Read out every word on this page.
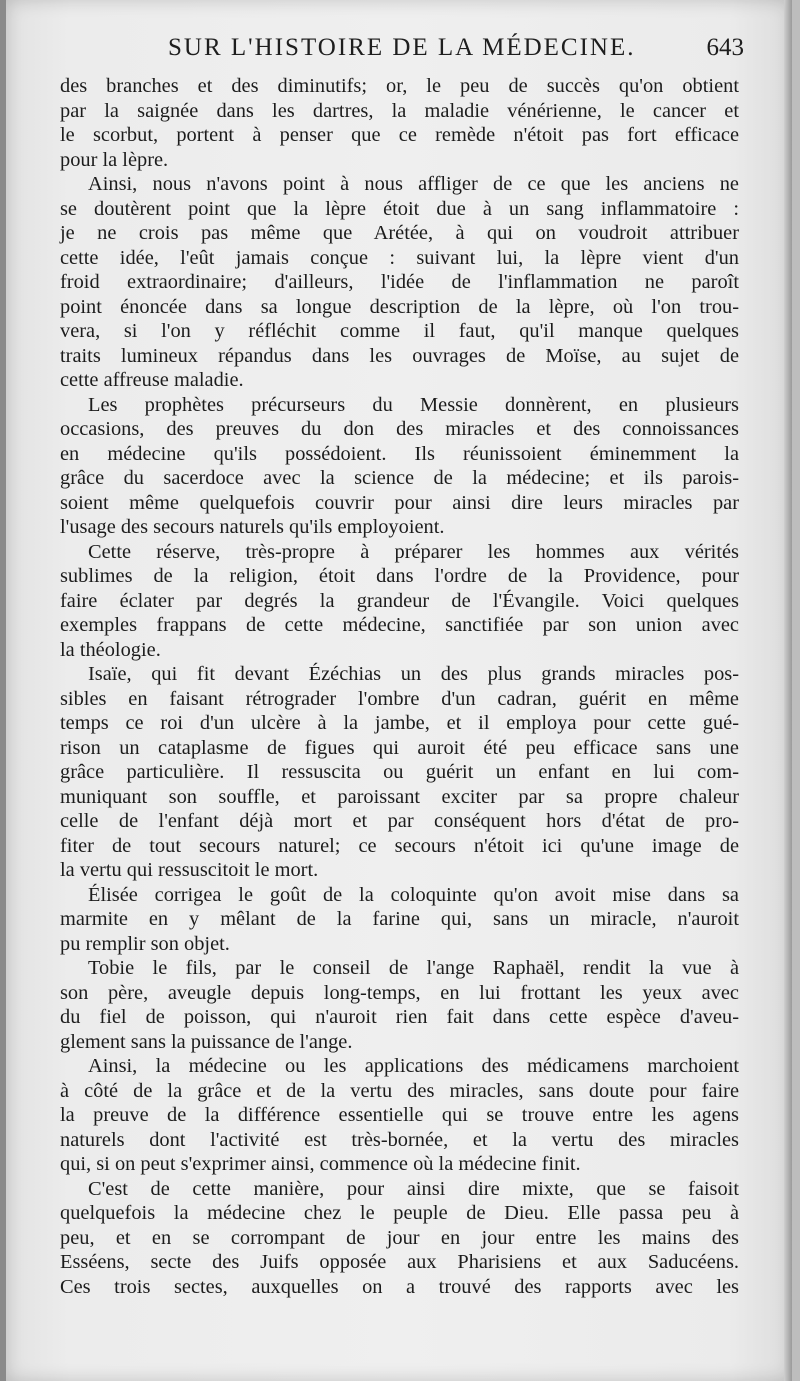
SUR L'HISTOIRE DE LA MÉDECINE.	643

des branches et des diminutifs; or, le peu de succès qu'on obtient

par la saignée dans les dartres, la maladie vénérienne, le cancer et

le scorbut, portent à penser que ce remède n'étoit pas fort efficace

pour la lèpre.

Ainsi, nous n'avons point à nous affliger de ce que les anciens ne

se doutèrent point que la lèpre étoit due à un sang inflammatoire :

je ne crois pas même que Arétée, à qui on voudroit attribuer

cette idée, l'eût jamais conçue : suivant lui, la lèpre vient d'un

froid extraordinaire; d'ailleurs, l'idée de l'inflammation ne paroît

point énoncée dans sa longue description de la lèpre, où l'on trou-

vera, si l'on y réfléchit comme il faut, qu'il manque quelques

traits lumineux répandus dans les ouvrages de Moïse, au sujet de

cette affreuse maladie.

Les prophètes précurseurs du Messie donnèrent, en plusieurs

occasions, des preuves du don des miracles et des connoissances

en médecine qu'ils possédoient. Ils réunissoient éminemment la

grâce du sacerdoce avec la science de la médecine; et ils parois-

soient même quelquefois couvrir pour ainsi dire leurs miracles par

l'usage des secours naturels qu'ils employoient.

Cette réserve, très-propre à préparer les hommes aux vérités

sublimes de la religion, étoit dans l'ordre de la Providence, pour

faire éclater par degrés la grandeur de l'Évangile. Voici quelques

exemples frappans de cette médecine, sanctifiée par son union avec

la théologie.

Isaïe, qui fit devant Ézéchias un des plus grands miracles pos-

sibles en faisant rétrograder l'ombre d'un cadran, guérit en même

temps ce roi d'un ulcère à la jambe, et il employa pour cette gué-

rison un cataplasme de figues qui auroit été peu efficace sans une

grâce particulière. Il ressuscita ou guérit un enfant en lui com-

muniquant son souffle, et paroissant exciter par sa propre chaleur

celle de l'enfant déjà mort et par conséquent hors d'état de pro-

fiter de tout secours naturel; ce secours n'étoit ici qu'une image de

la vertu qui ressuscitoit le mort.

Élisée corrigea le goût de la coloquinte qu'on avoit mise dans sa

marmite en y mêlant de la farine qui, sans un miracle, n'auroit

pu remplir son objet.

Tobie le fils, par le conseil de l'ange Raphaël, rendit la vue à

son père, aveugle depuis long-temps, en lui frottant les yeux avec

du fiel de poisson, qui n'auroit rien fait dans cette espèce d'aveu-

glement sans la puissance de l'ange.

Ainsi, la médecine ou les applications des médicamens marchoient

à côté de la grâce et de la vertu des miracles, sans doute pour faire

la preuve de la différence essentielle qui se trouve entre les agens

naturels dont l'activité est très-bornée, et la vertu des miracles

qui, si on peut s'exprimer ainsi, commence où la médecine finit.

C'est de cette manière, pour ainsi dire mixte, que se faisoit

quelquefois la médecine chez le peuple de Dieu. Elle passa peu à

peu, et en se corrompant de jour en jour entre les mains des

Esséens, secte des Juifs opposée aux Pharisiens et aux Saducéens.

Ces trois sectes, auxquelles on a trouvé des rapports avec les
